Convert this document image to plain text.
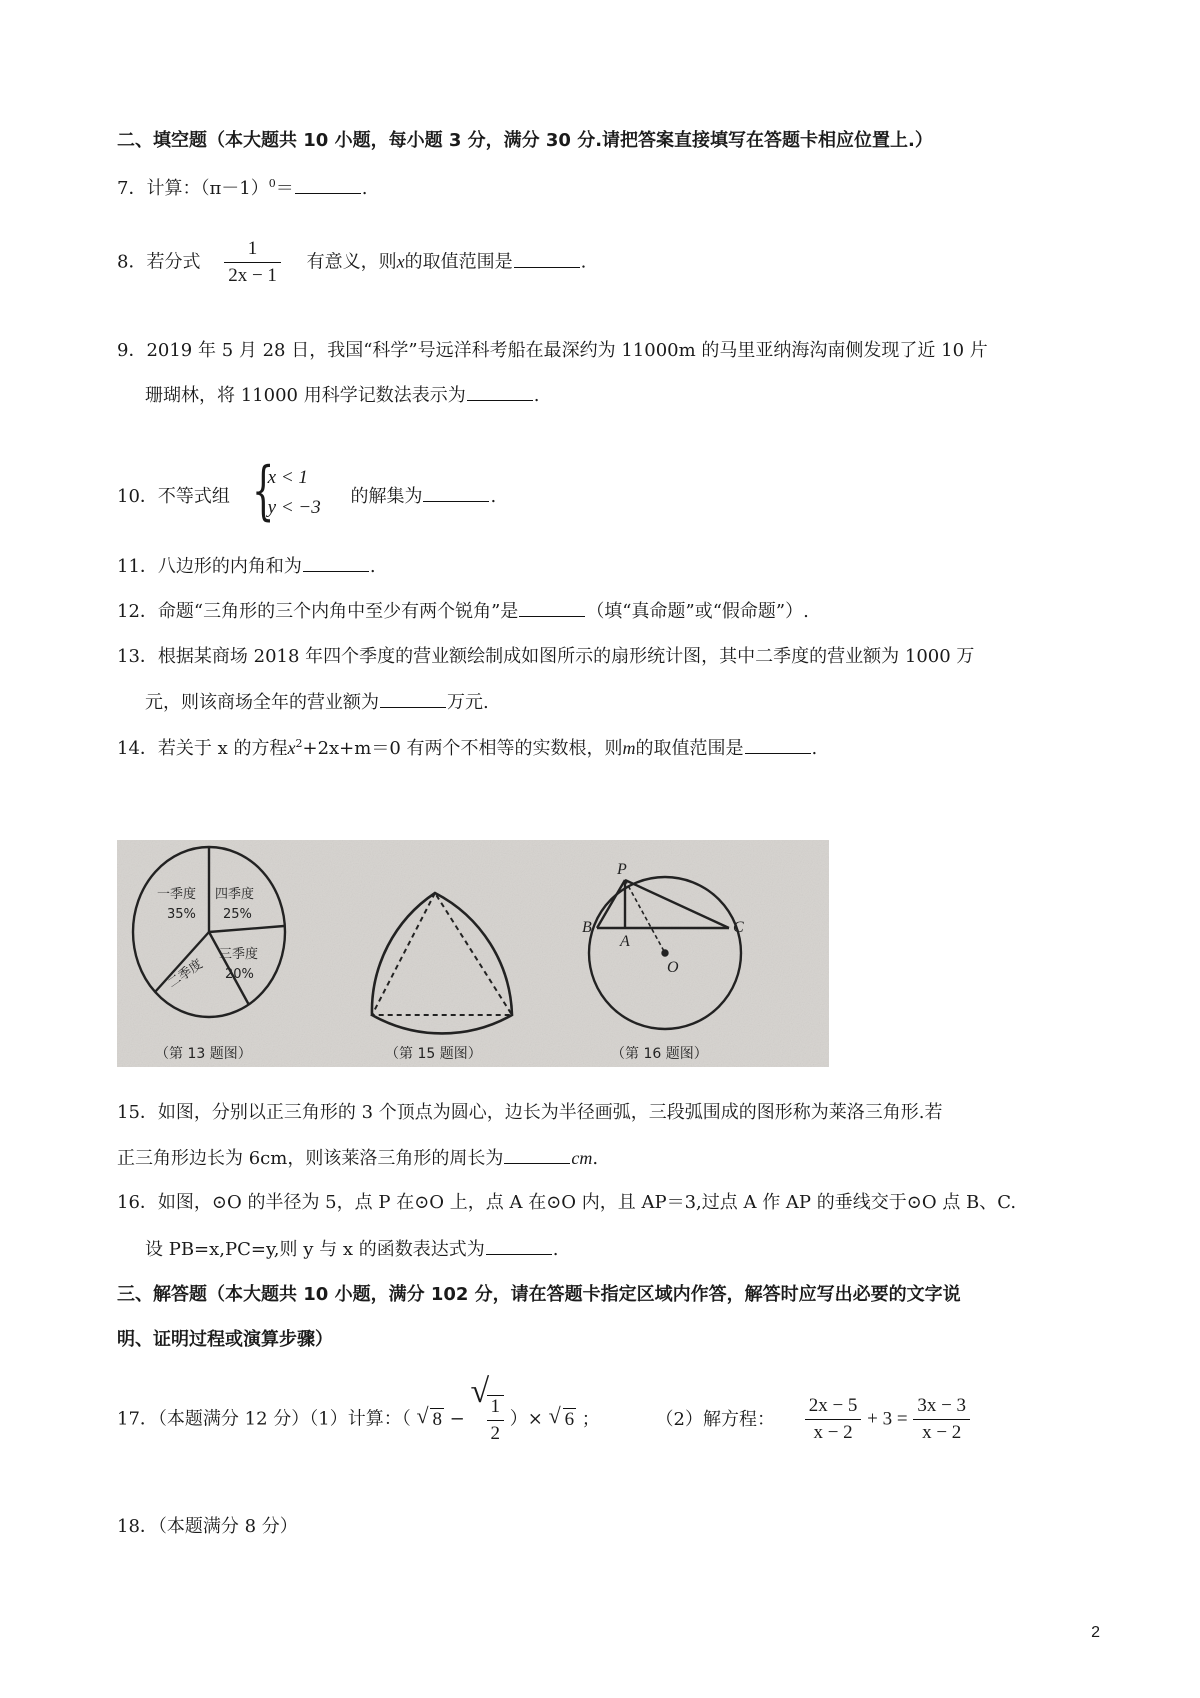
二、填空题（本大题共 10 小题，每小题 3 分，满分 30 分.请把答案直接填写在答题卡相应位置上.）
7．计算：$(\pi-1)^0=$	.
8．若分式 $\frac{1}{2x - 1}$ 有意义，则x的取值范围是	.
9．2019 年 5 月 28 日，我国“科学”号远洋科考船在最深约为 11000m 的马里亚纳海沟南侧发现了近 10 片
珊瑚林，将 11000 用科学记数法表示为	.
10．不等式组 {
x < 1
y < −3
的解集为	.
11．八边形的内角和为	.
12．命题“三角形的三个内角中至少有两个锐角”是	（填“真命题”或“假命题”）.
13．根据某商场 2018 年四个季度的营业额绘制成如图所示的扇形统计图，其中二季度的营业额为 1000 万
元，则该商场全年的营业额为	万元.
14．若关于 x 的方程$x^2+2x+m=0$ 有两个不相等的实数根，则m的取值范围是	.
一季度
35%
四季度
25%
三季度
20%
二季度
（第 13 题图）	（第 15 题图）
P
A
B	C
O
（第 16 题图）
15．如图，分别以正三角形的 3 个顶点为圆心，边长为半径画弧，三段弧围成的图形称为莱洛三角形.若
正三角形边长为 6cm，则该莱洛三角形的周长为	cm.
16．如图，⊙O 的半径为 5，点 P 在⊙O 上，点 A 在⊙O 内，且 AP＝3,过点 A 作 AP 的垂线交于⊙O 点 B、C.
设 PB=x,PC=y,则 y 与 x 的函数表达式为	.
三、解答题（本大题共 10 小题，满分 102 分，请在答题卡指定区域内作答，解答时应写出必要的文字说
明、证明过程或演算步骤）
17．（本题满分 12 分）（1）计算：（ √ 8 −
√
$\frac{1}{2}$ ）× √ 6 ；	（2）解方程： $\frac{2x - 5}{x - 2} + 3 = \frac{3x - 3}{x - 2}$
18．（本题满分 8 分）
2
